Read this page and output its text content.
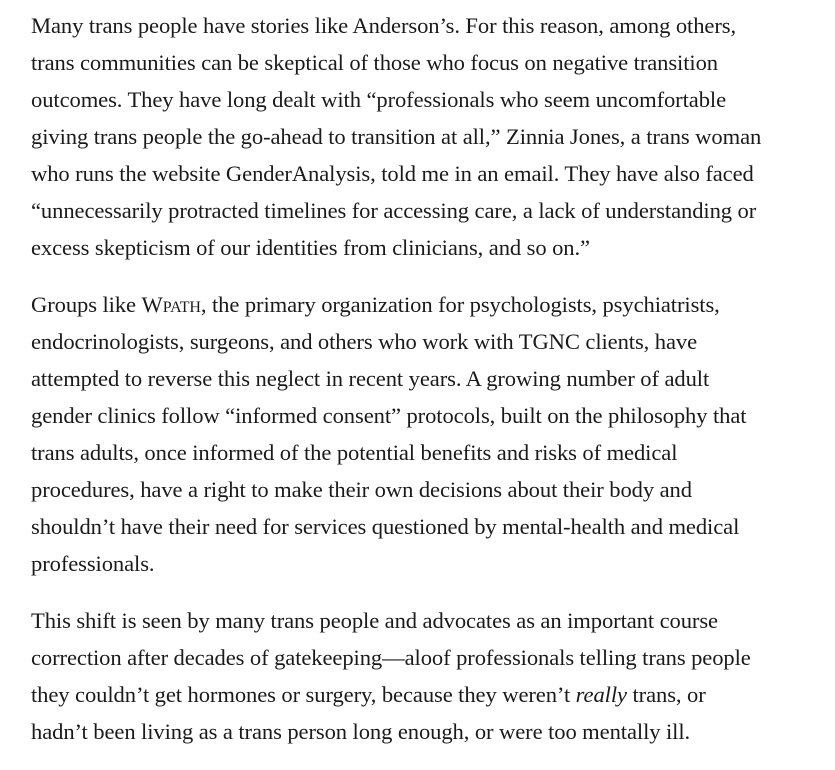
Many trans people have stories like Anderson’s. For this reason, among others,
trans communities can be skeptical of those who focus on negative transition
outcomes. They have long dealt with “professionals who seem uncomfortable
giving trans people the go-ahead to transition at all,” Zinnia Jones, a trans woman
who runs the website GenderAnalysis, told me in an email. They have also faced
“unnecessarily protracted timelines for accessing care, a lack of understanding or
excess skepticism of our identities from clinicians, and so on.”

Groups like Wpath, the primary organization for psychologists, psychiatrists,
endocrinologists, surgeons, and others who work with TGNC clients, have
attempted to reverse this neglect in recent years. A growing number of adult
gender clinics follow “informed consent” protocols, built on the philosophy that
trans adults, once informed of the potential benefits and risks of medical
procedures, have a right to make their own decisions about their body and
shouldn’t have their need for services questioned by mental-health and medical
professionals.

This shift is seen by many trans people and advocates as an important course
correction after decades of gatekeeping—aloof professionals telling trans people
they couldn’t get hormones or surgery, because they weren’t really trans, or
hadn’t been living as a trans person long enough, or were too mentally ill.
